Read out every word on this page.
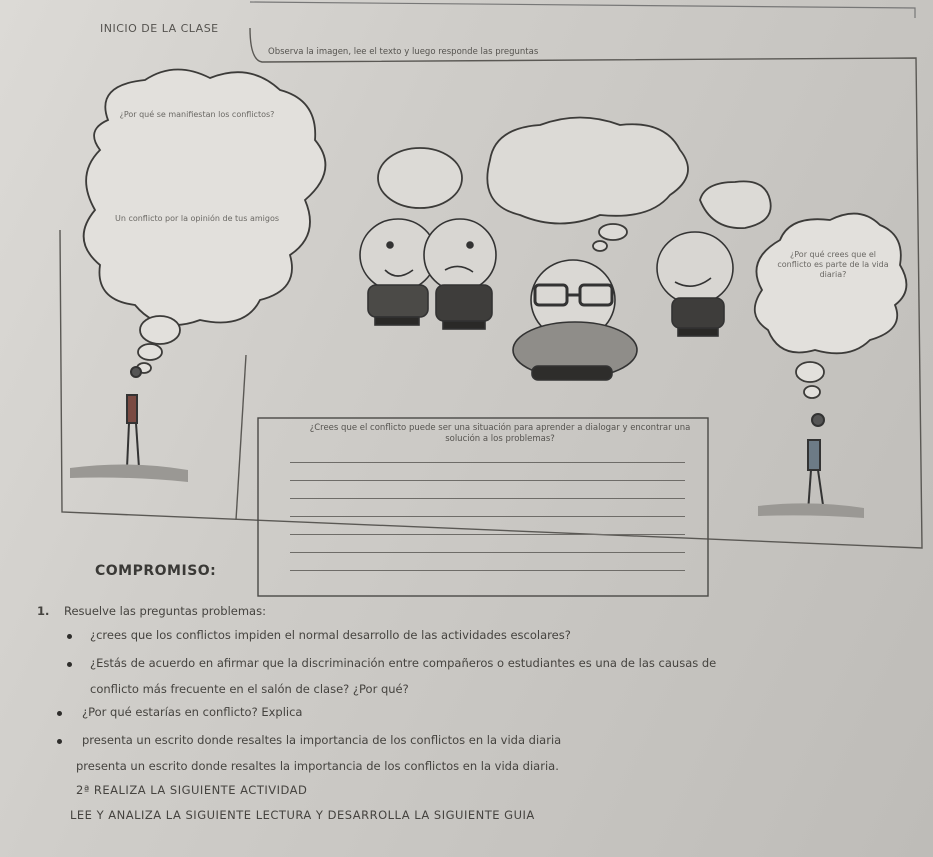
INICIO DE LA CLASE
Observa la imagen, lee el texto y luego responde las preguntas
¿Por qué se manifiestan los conflictos?
Un conflicto por la opinión de tus amigos
¿Por qué crees que el conflicto es parte de la vida diaria?
¿Crees que el conflicto puede ser una situación para aprender a dialogar y encontrar una solución a los problemas?
COMPROMISO:
1. Resuelve las preguntas problemas:
¿crees que los conflictos impiden el normal desarrollo de las actividades escolares?
¿Estás de acuerdo en afirmar que la discriminación entre compañeros o estudiantes es una de las causas de
conflicto más frecuente en el salón de clase? ¿Por qué?
¿Por qué estarías en conflicto? Explica
presenta un escrito donde resaltes la importancia de los conflictos en la vida diaria
presenta un escrito donde resaltes la importancia de los conflictos en la vida diaria.
2ª REALIZA LA SIGUIENTE ACTIVIDAD
LEE Y ANALIZA LA SIGUIENTE LECTURA Y DESARROLLA LA SIGUIENTE GUIA
